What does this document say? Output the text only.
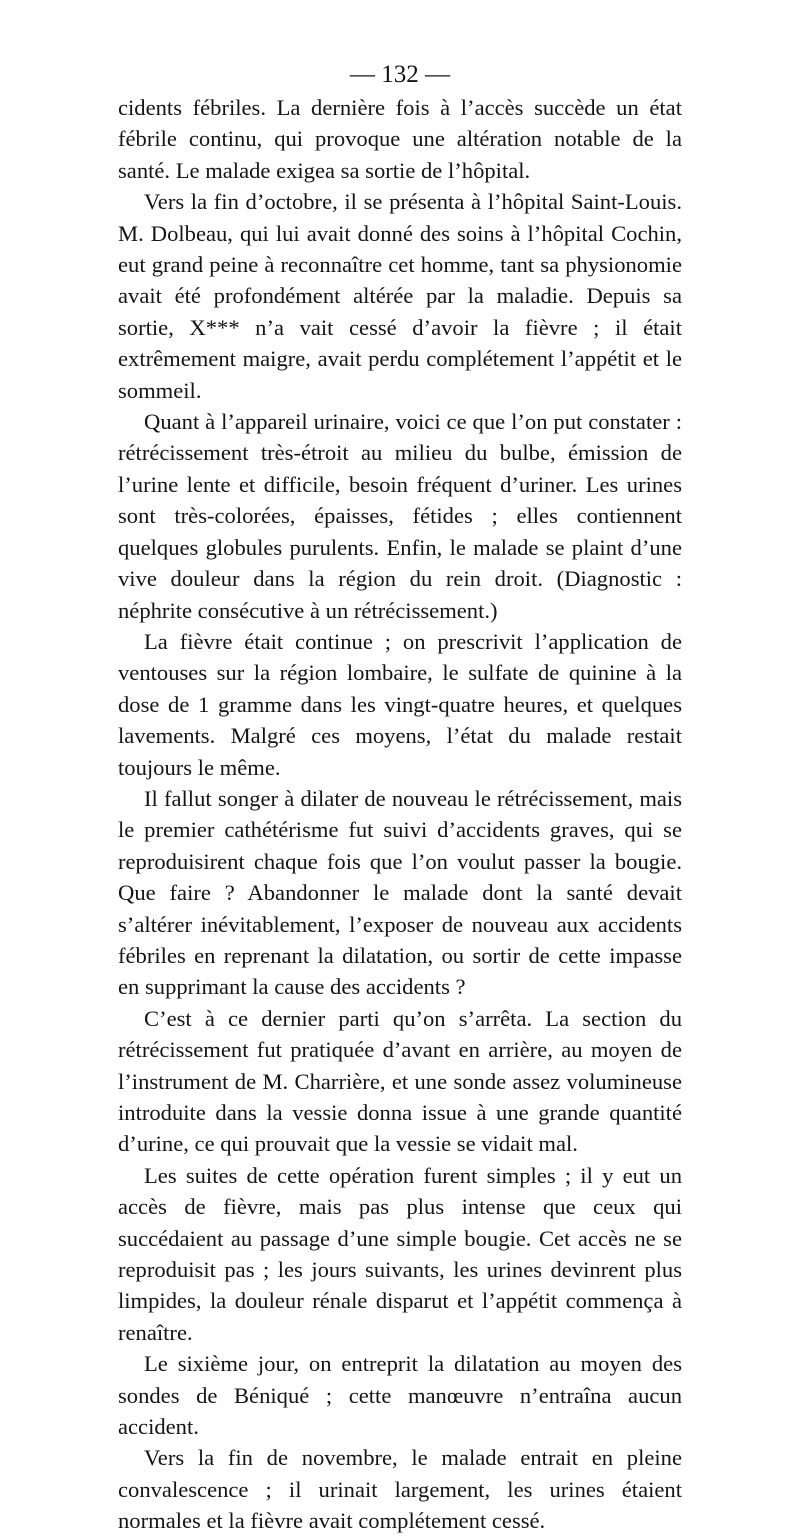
— 132 —

cidents fébriles. La dernière fois à l’accès succède un état fébrile continu, qui provoque une altération notable de la santé. Le malade exigea sa sortie de l’hôpital.

Vers la fin d’octobre, il se présenta à l’hôpital Saint-Louis. M. Dolbeau, qui lui avait donné des soins à l’hôpital Cochin, eut grand peine à reconnaître cet homme, tant sa physionomie avait été profondément altérée par la maladie. Depuis sa sortie, X*** n’a vait cessé d’avoir la fièvre ; il était extrêmement maigre, avait perdu complétement l’appétit et le sommeil.

Quant à l’appareil urinaire, voici ce que l’on put constater : rétrécissement très-étroit au milieu du bulbe, émission de l’urine lente et difficile, besoin fréquent d’uriner. Les urines sont très-colorées, épaisses, fétides ; elles contiennent quelques globules purulents. Enfin, le malade se plaint d’une vive douleur dans la région du rein droit. (Diagnostic : néphrite consécutive à un rétrécissement.)

La fièvre était continue ; on prescrivit l’application de ventouses sur la région lombaire, le sulfate de quinine à la dose de 1 gramme dans les vingt-quatre heures, et quelques lavements. Malgré ces moyens, l’état du malade restait toujours le même.

Il fallut songer à dilater de nouveau le rétrécissement, mais le premier cathétérisme fut suivi d’accidents graves, qui se reproduisirent chaque fois que l’on voulut passer la bougie. Que faire ? Abandonner le malade dont la santé devait s’altérer inévitablement, l’exposer de nouveau aux accidents fébriles en reprenant la dilatation, ou sortir de cette impasse en supprimant la cause des accidents ?

C’est à ce dernier parti qu’on s’arrêta. La section du rétrécissement fut pratiquée d’avant en arrière, au moyen de l’instrument de M. Charrière, et une sonde assez volumineuse introduite dans la vessie donna issue à une grande quantité d’urine, ce qui prouvait que la vessie se vidait mal.

Les suites de cette opération furent simples ; il y eut un accès de fièvre, mais pas plus intense que ceux qui succédaient au passage d’une simple bougie. Cet accès ne se reproduisit pas ; les jours suivants, les urines devinrent plus limpides, la douleur rénale disparut et l’appétit commença à renaître.

Le sixième jour, on entreprit la dilatation au moyen des sondes de Béniqué ; cette manœuvre n’entraîna aucun accident.

Vers la fin de novembre, le malade entrait en pleine convalescence ; il urinait largement, les urines étaient normales et la fièvre avait complétement cessé.
